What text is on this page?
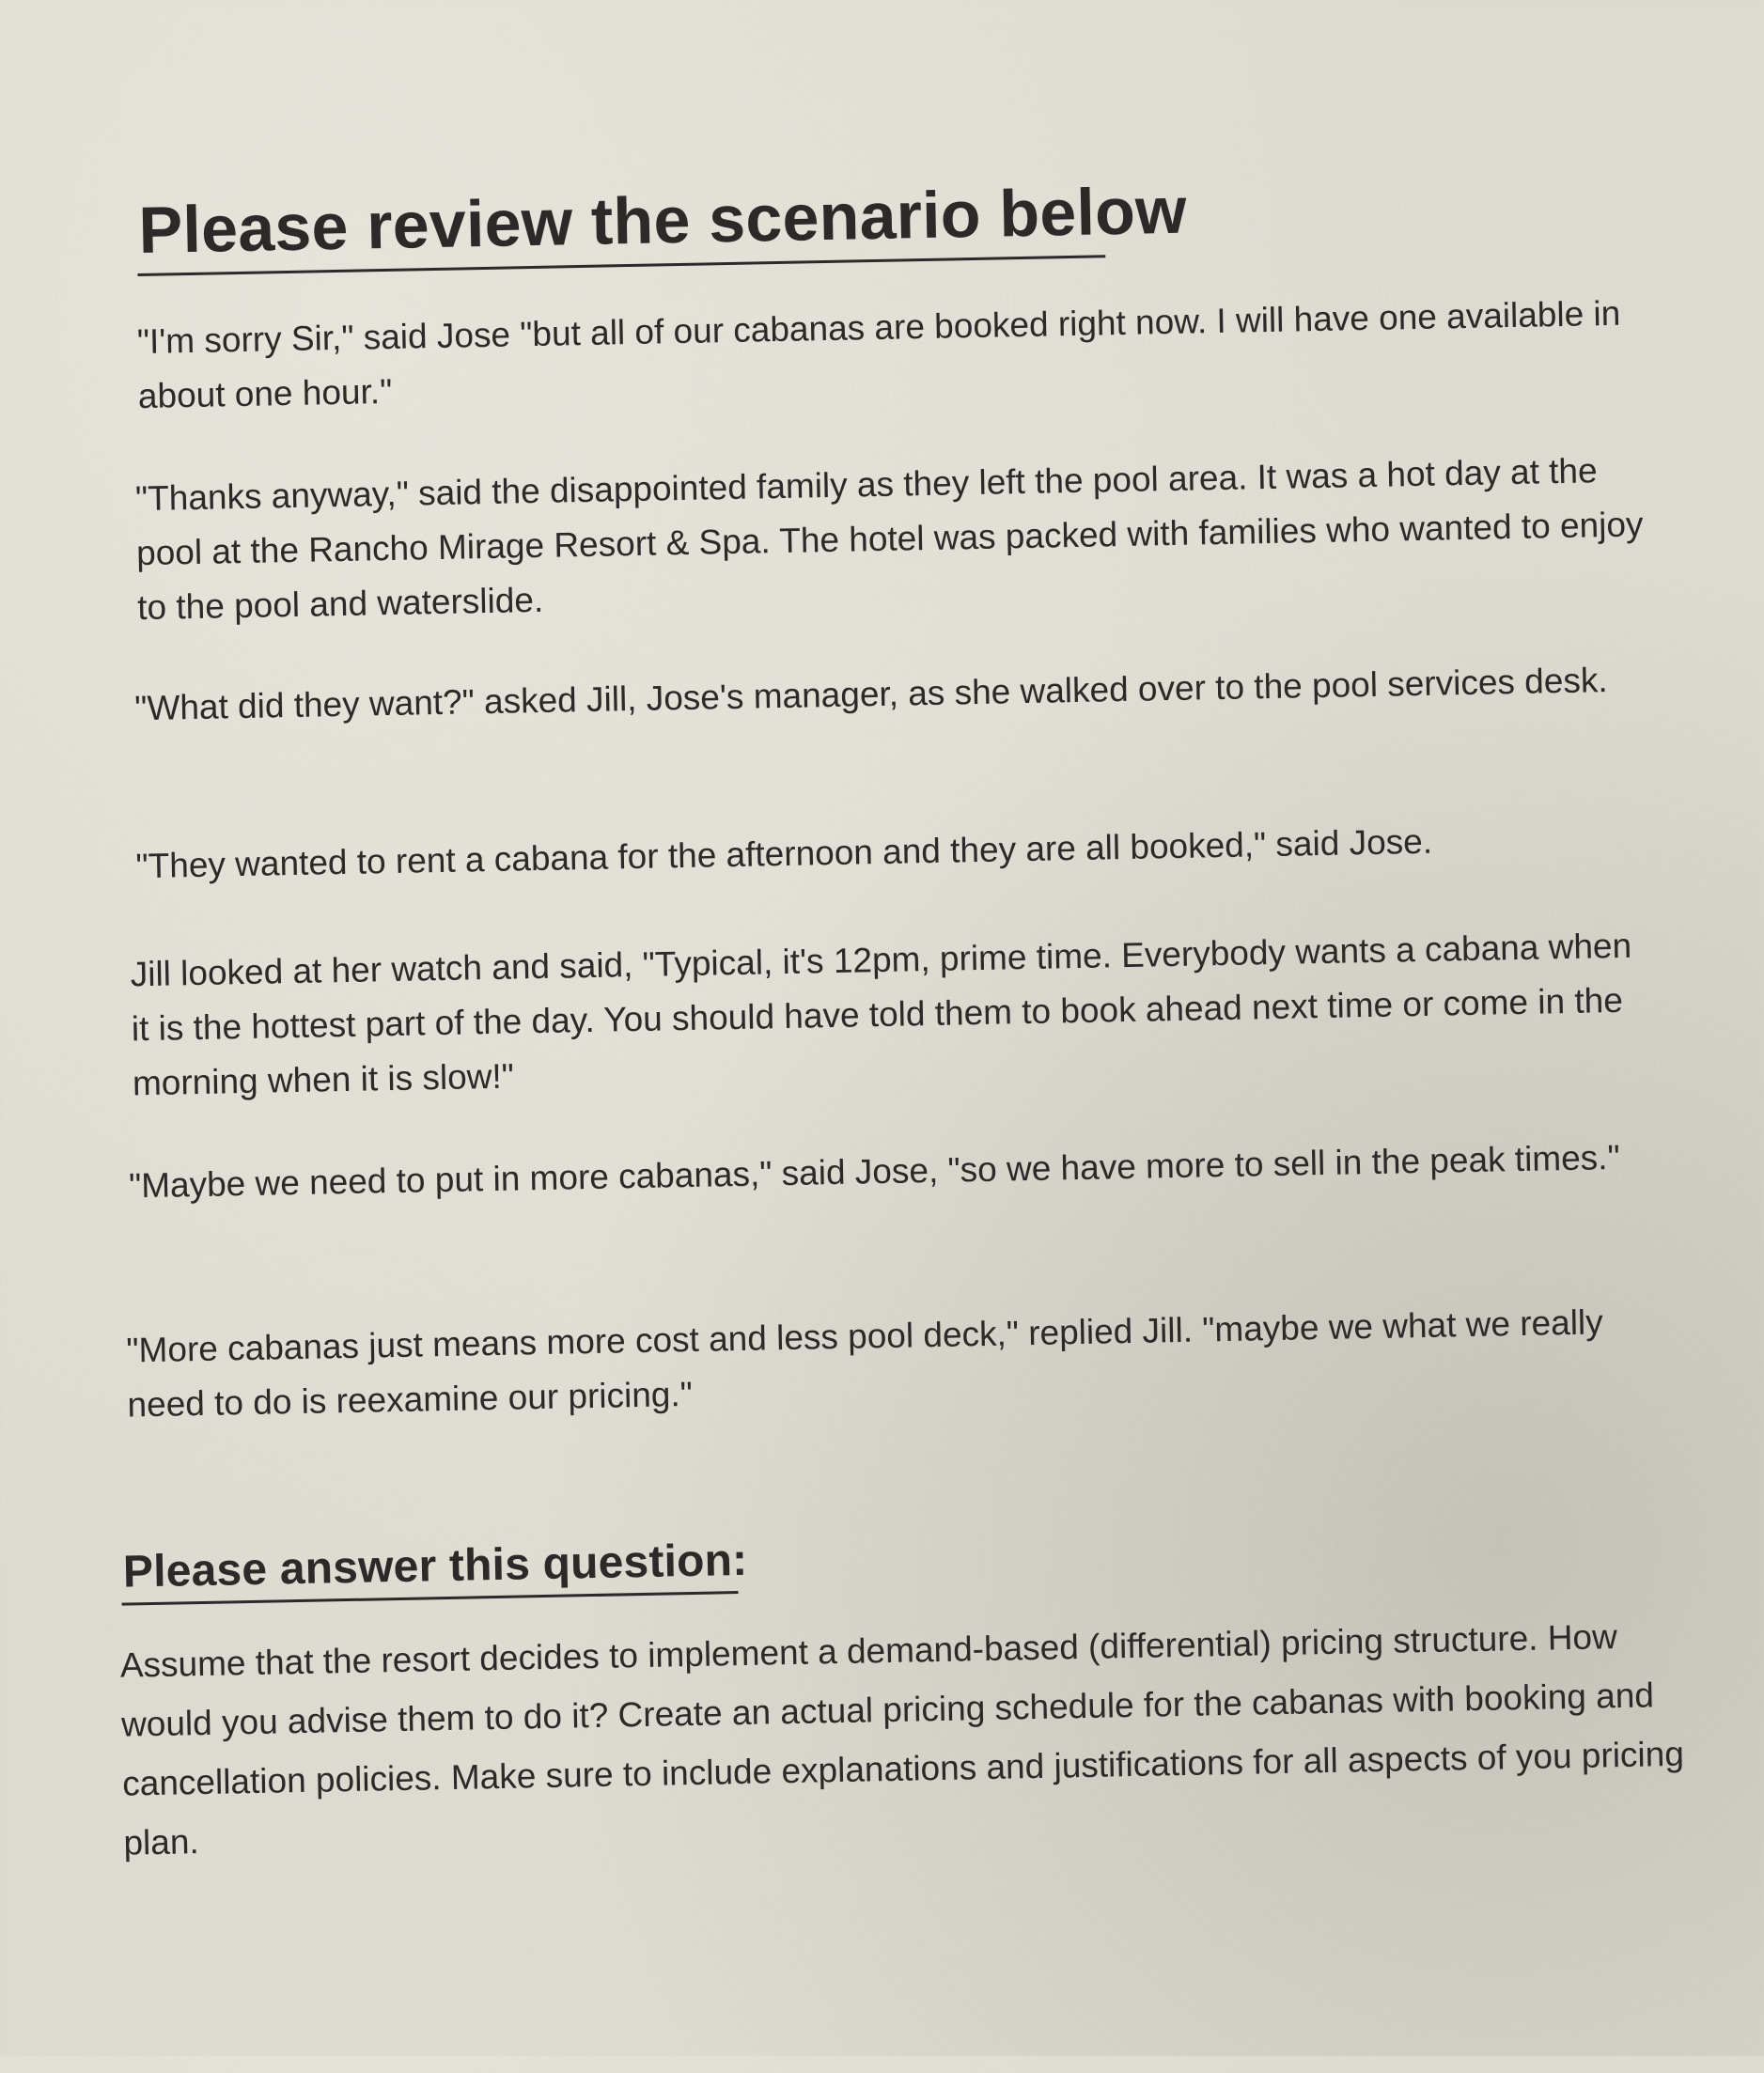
Please review the scenario below

"I'm sorry Sir," said Jose "but all of our cabanas are booked right now. I will have one available in about one hour."

"Thanks anyway," said the disappointed family as they left the pool area. It was a hot day at the pool at the Rancho Mirage Resort & Spa. The hotel was packed with families who wanted to enjoy to the pool and waterslide.

"What did they want?" asked Jill, Jose's manager, as she walked over to the pool services desk.

"They wanted to rent a cabana for the afternoon and they are all booked," said Jose.

Jill looked at her watch and said, "Typical, it's 12pm, prime time. Everybody wants a cabana when it is the hottest part of the day. You should have told them to book ahead next time or come in the morning when it is slow!"

"Maybe we need to put in more cabanas," said Jose, "so we have more to sell in the peak times."

"More cabanas just means more cost and less pool deck," replied Jill. "maybe we what we really need to do is reexamine our pricing."

Please answer this question:

Assume that the resort decides to implement a demand-based (differential) pricing structure. How would you advise them to do it? Create an actual pricing schedule for the cabanas with booking and cancellation policies. Make sure to include explanations and justifications for all aspects of you pricing plan.
